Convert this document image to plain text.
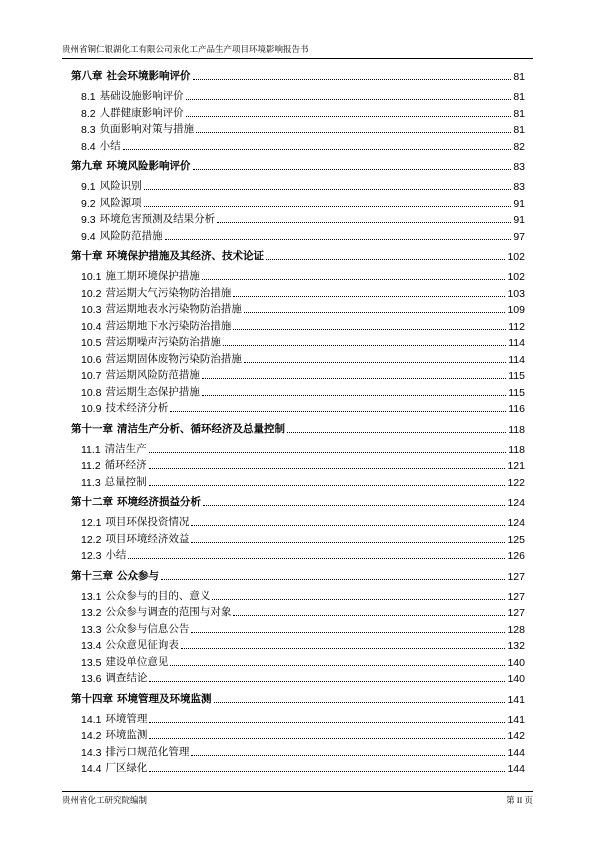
贵州省铜仁银湖化工有限公司汞化工产品生产项目环境影响报告书
第八章 社会环境影响评价	81
8.1 基础设施影响评价	81
8.2 人群健康影响评价	81
8.3 负面影响对策与措施	81
8.4 小结	82
第九章 环境风险影响评价	83
9.1 风险识别	83
9.2 风险源项	91
9.3 环境危害预测及结果分析	91
9.4 风险防范措施	97
第十章 环境保护措施及其经济、技术论证	102
10.1 施工期环境保护措施	102
10.2 营运期大气污染物防治措施	103
10.3 营运期地表水污染物防治措施	109
10.4 营运期地下水污染防治措施	112
10.5 营运期噪声污染防治措施	114
10.6 营运期固体废物污染防治措施	114
10.7 营运期风险防范措施	115
10.8 营运期生态保护措施	115
10.9 技术经济分析	116
第十一章 清洁生产分析、循环经济及总量控制	118
11.1 清洁生产	118
11.2 循环经济	121
11.3 总量控制	122
第十二章 环境经济损益分析	124
12.1 项目环保投资情况	124
12.2 项目环境经济效益	125
12.3 小结	126
第十三章 公众参与	127
13.1 公众参与的目的、意义	127
13.2 公众参与调查的范围与对象	127
13.3 公众参与信息公告	128
13.4 公众意见征询表	132
13.5 建设单位意见	140
13.6 调查结论	140
第十四章 环境管理及环境监测	141
14.1 环境管理	141
14.2 环境监测	142
14.3 排污口规范化管理	144
14.4 厂区绿化	144
贵州省化工研究院编制	第 II 页
